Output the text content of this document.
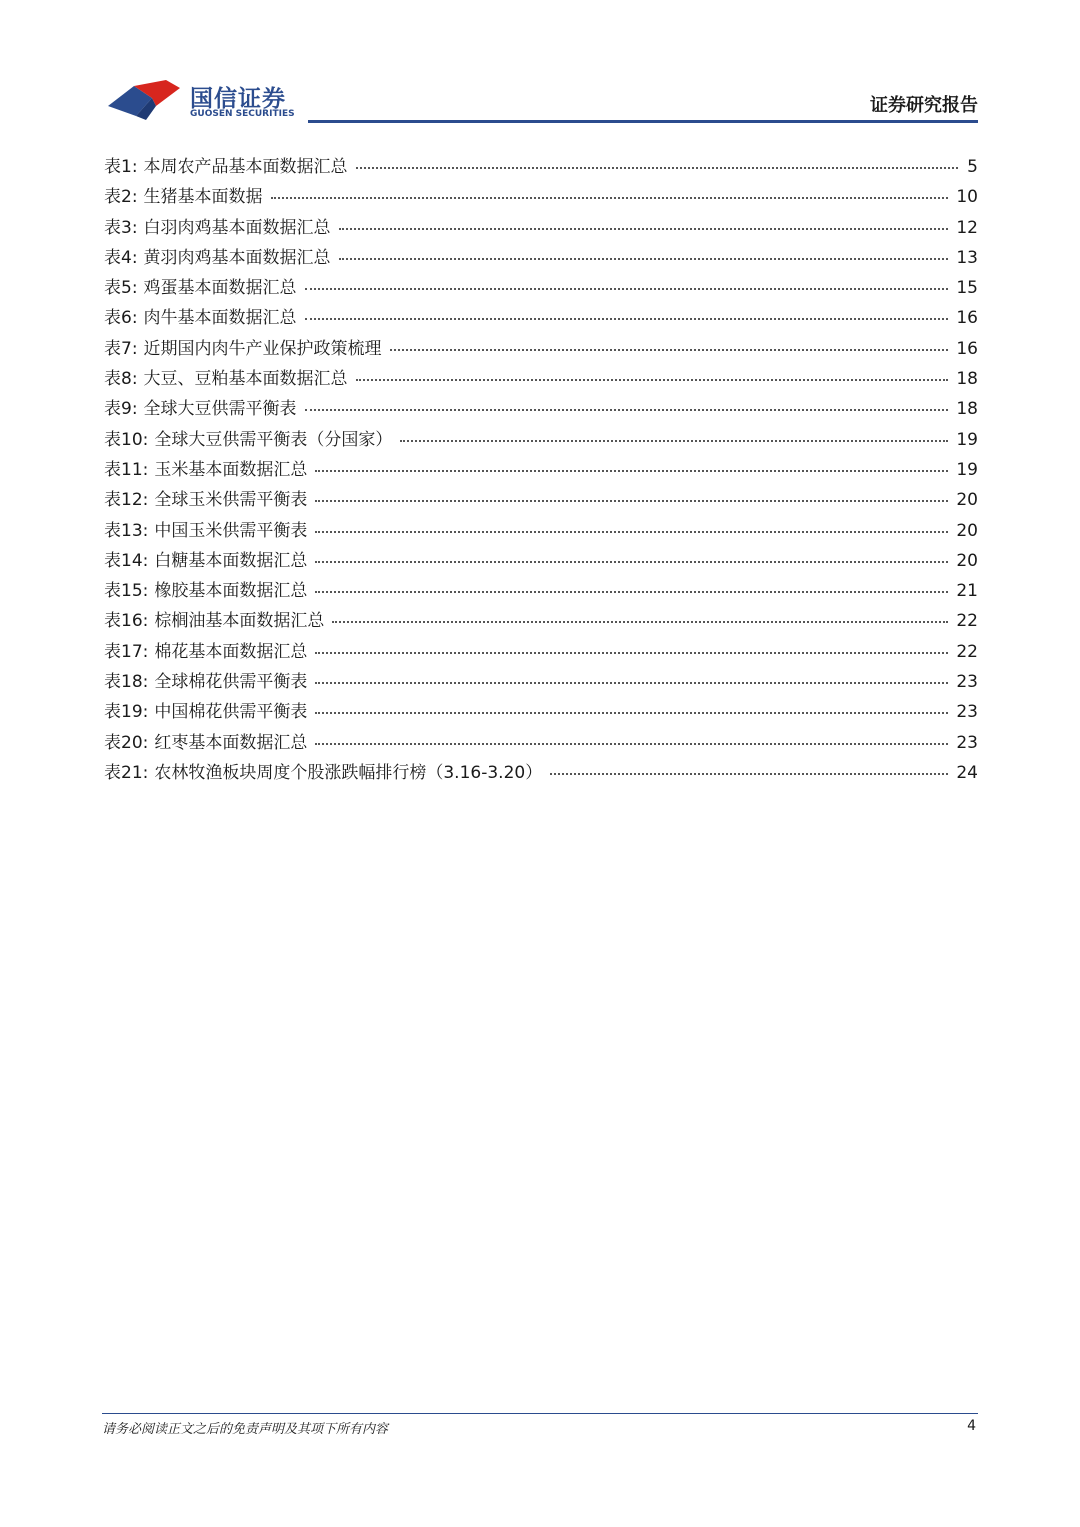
国信证券
GUOSEN SECURITIES	证券研究报告
表1: 本周农产品基本面数据汇总	5
表2: 生猪基本面数据	10
表3: 白羽肉鸡基本面数据汇总	12
表4: 黄羽肉鸡基本面数据汇总	13
表5: 鸡蛋基本面数据汇总	15
表6: 肉牛基本面数据汇总	16
表7: 近期国内肉牛产业保护政策梳理	16
表8: 大豆、豆粕基本面数据汇总	18
表9: 全球大豆供需平衡表	18
表10: 全球大豆供需平衡表（分国家）	19
表11: 玉米基本面数据汇总	19
表12: 全球玉米供需平衡表	20
表13: 中国玉米供需平衡表	20
表14: 白糖基本面数据汇总	20
表15: 橡胶基本面数据汇总	21
表16: 棕榈油基本面数据汇总	22
表17: 棉花基本面数据汇总	22
表18: 全球棉花供需平衡表	23
表19: 中国棉花供需平衡表	23
表20: 红枣基本面数据汇总	23
表21: 农林牧渔板块周度个股涨跌幅排行榜（3.16-3.20）	24
请务必阅读正文之后的免责声明及其项下所有内容	4
